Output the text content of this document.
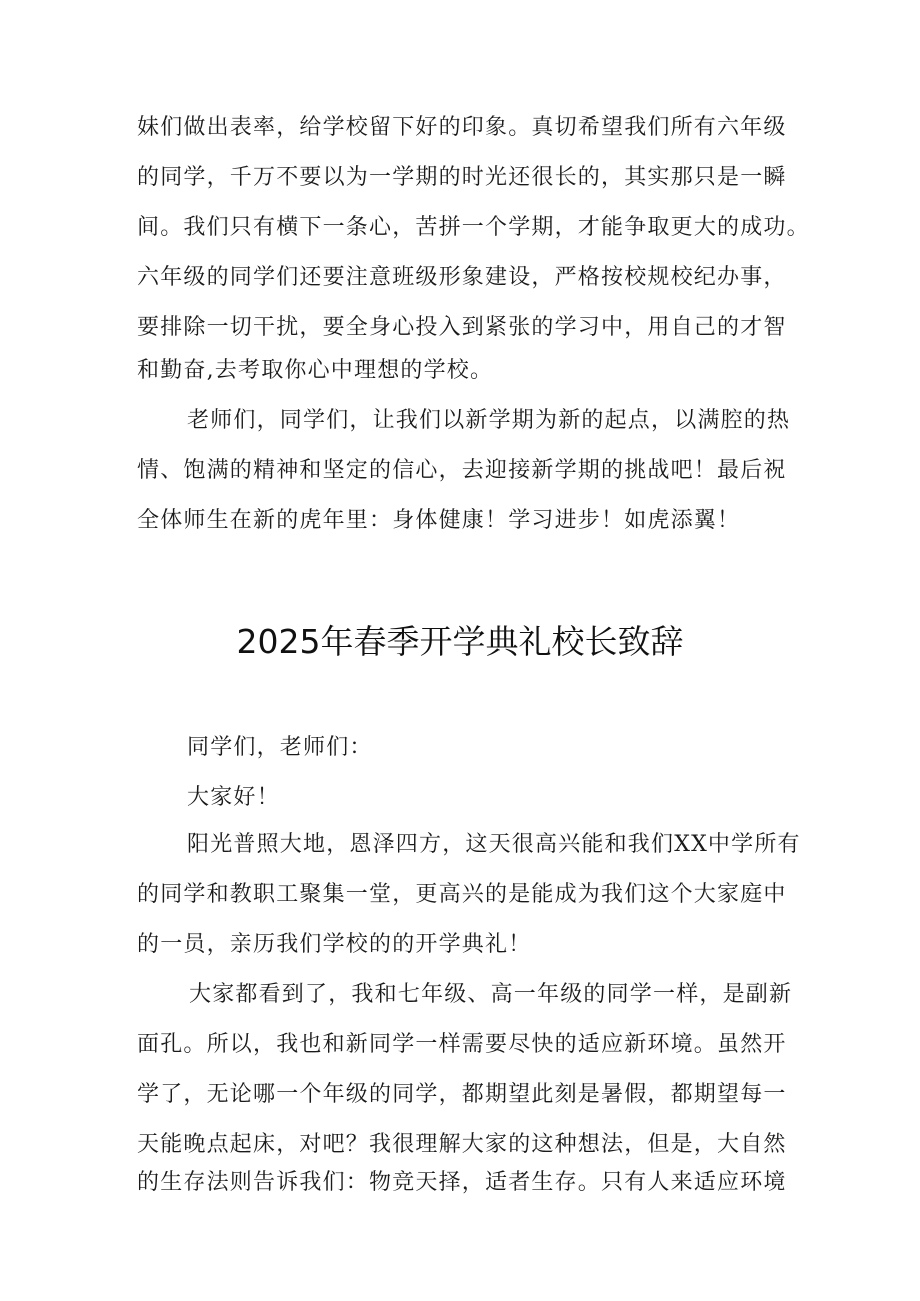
妹们做出表率，给学校留下好的印象。真切希望我们所有六年级
的同学，千万不要以为一学期的时光还很长的，其实那只是一瞬
间。我们只有横下一条心，苦拼一个学期，才能争取更大的成功。
六年级的同学们还要注意班级形象建设，严格按校规校纪办事，
要排除一切干扰，要全身心投入到紧张的学习中，用自己的才智
和勤奋,去考取你心中理想的学校。
老师们，同学们，让我们以新学期为新的起点，以满腔的热
情、饱满的精神和坚定的信心，去迎接新学期的挑战吧！最后祝
全体师生在新的虎年里：身体健康！学习进步！如虎添翼！
2025年春季开学典礼校长致辞
同学们，老师们：
大家好！
阳光普照大地，恩泽四方，这天很高兴能和我们XX中学所有
的同学和教职工聚集一堂，更高兴的是能成为我们这个大家庭中
的一员，亲历我们学校的的开学典礼！
大家都看到了，我和七年级、高一年级的同学一样，是副新
面孔。所以，我也和新同学一样需要尽快的适应新环境。虽然开
学了，无论哪一个年级的同学，都期望此刻是暑假，都期望每一
天能晚点起床，对吧？我很理解大家的这种想法，但是，大自然
的生存法则告诉我们：物竞天择，适者生存。只有人来适应环境
